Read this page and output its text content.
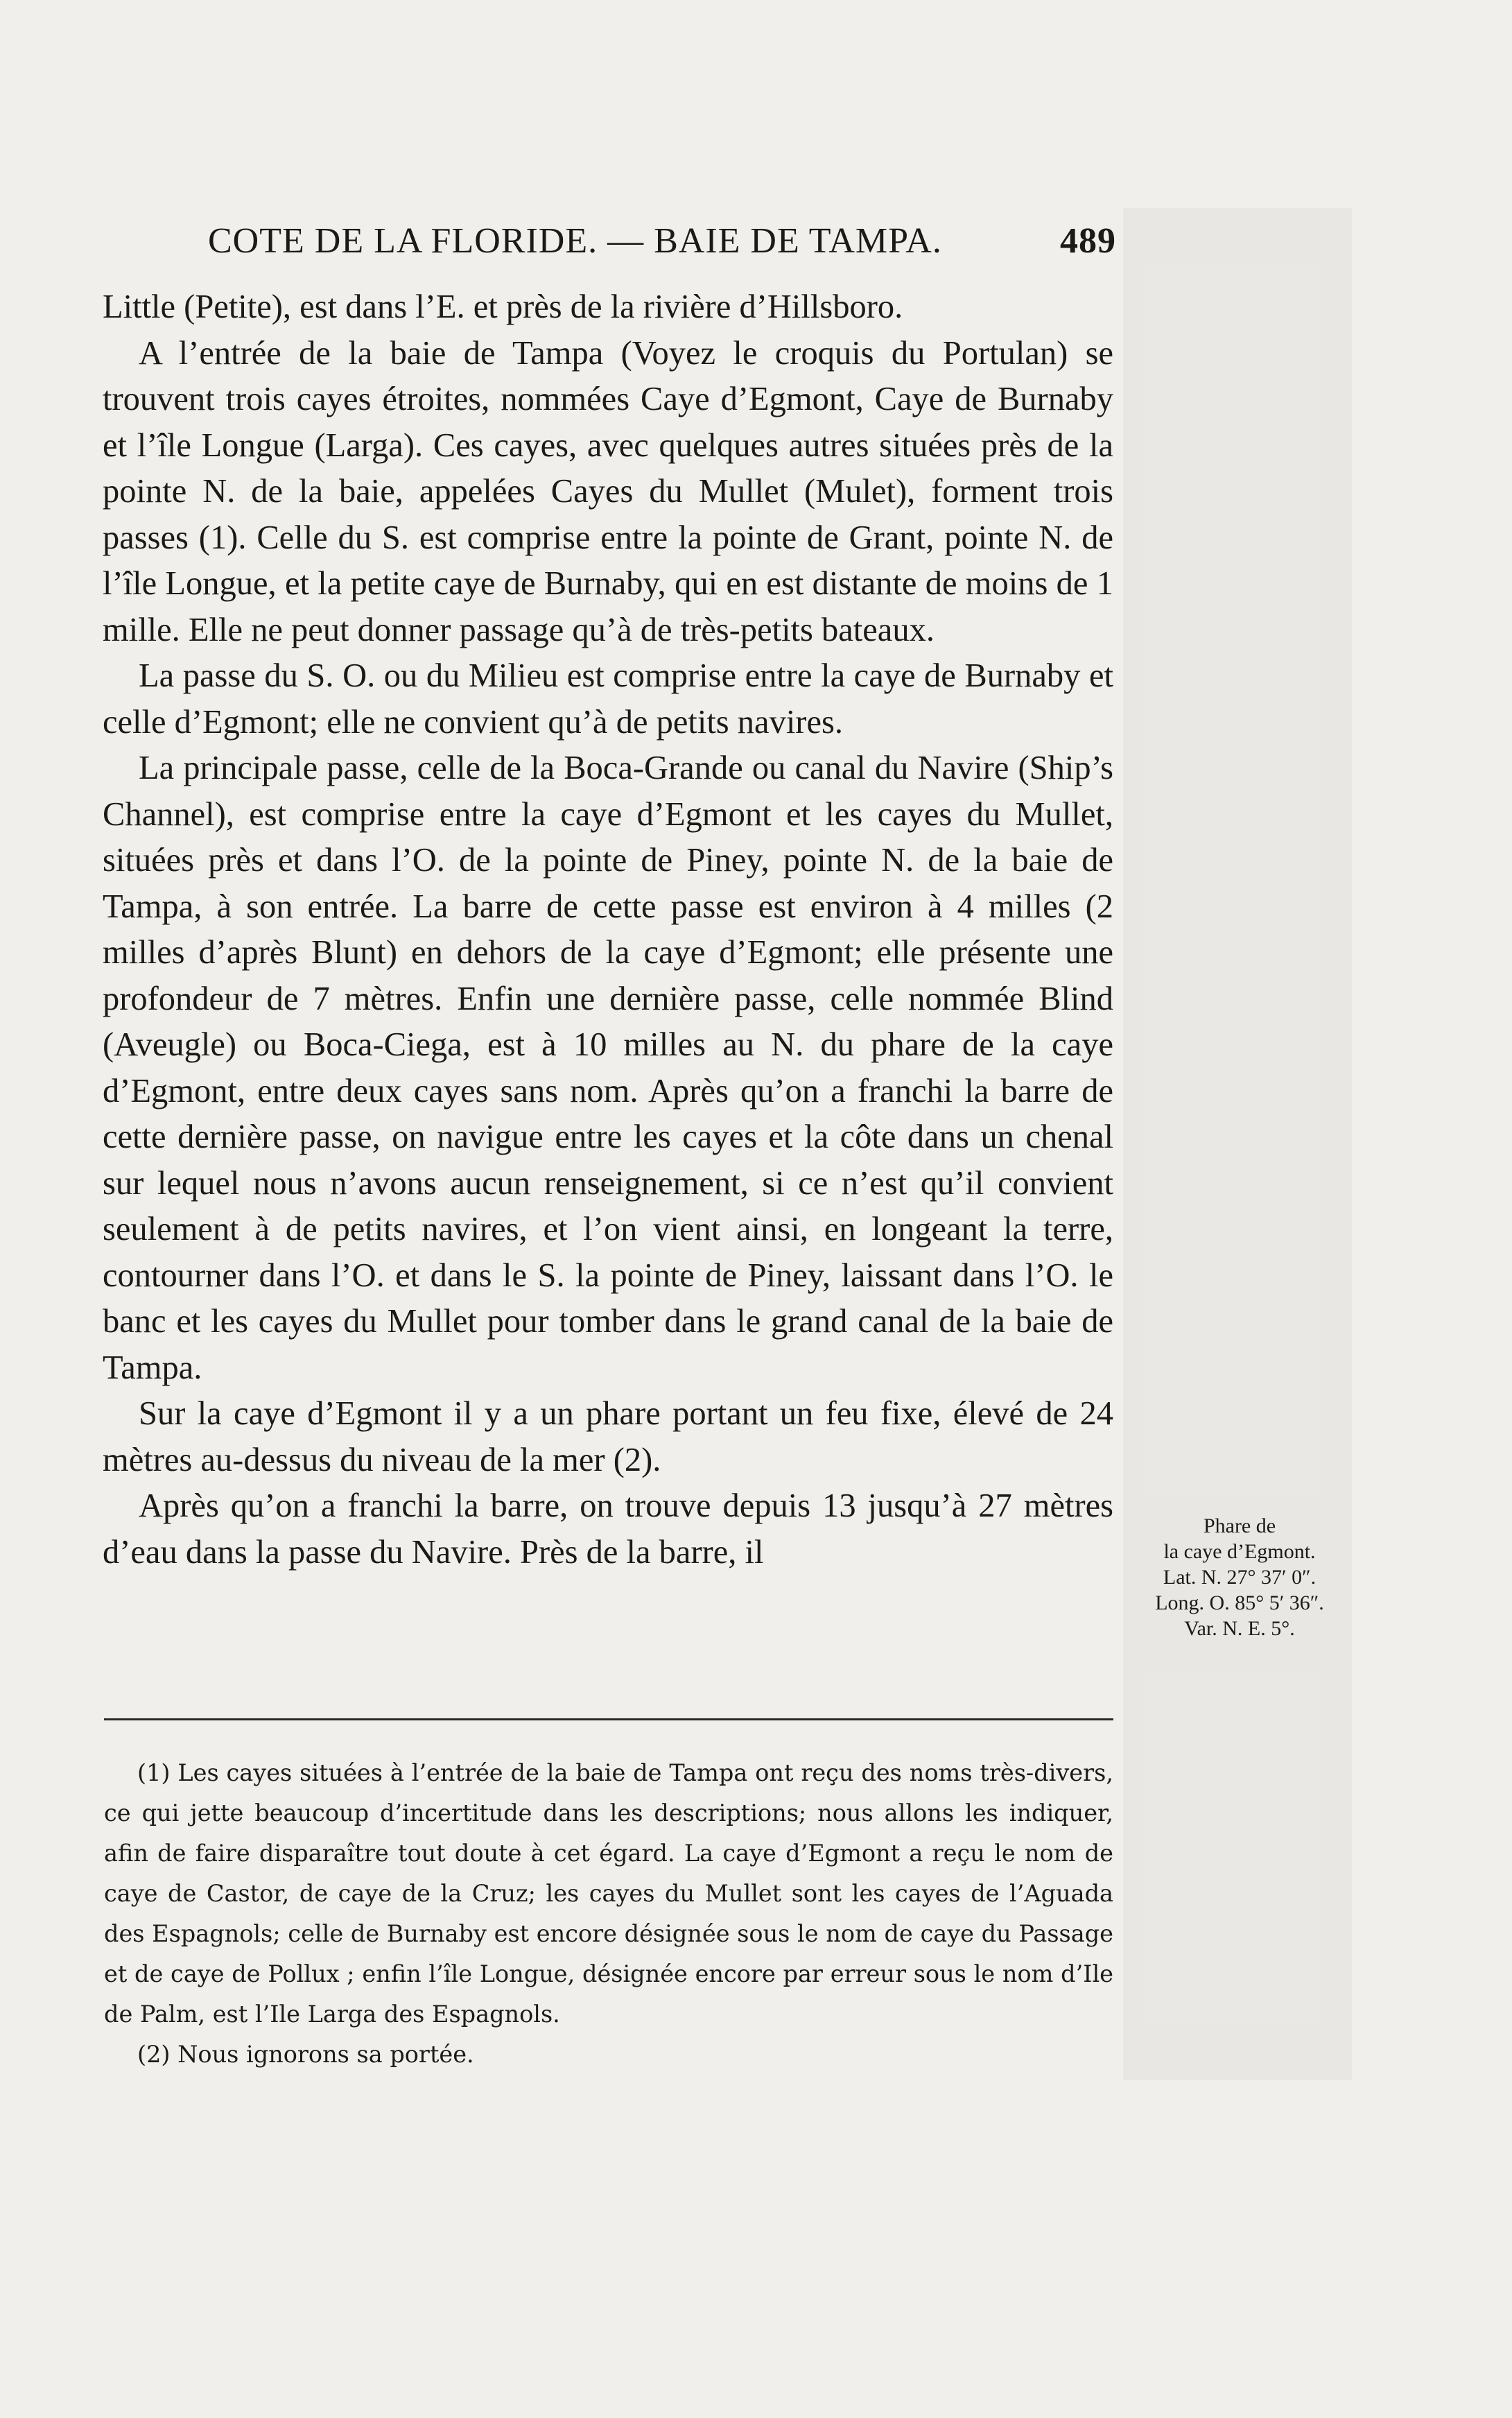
COTE DE LA FLORIDE. — BAIE DE TAMPA.	489

Little (Petite), est dans l’E. et près de la rivière d’Hillsboro.

A l’entrée de la baie de Tampa (Voyez le croquis du Portulan) se trouvent trois cayes étroites, nommées Caye d’Egmont, Caye de Burnaby et l’île Longue (Larga). Ces cayes, avec quelques autres situées près de la pointe N. de la baie, appelées Cayes du Mullet (Mulet), forment trois passes (1). Celle du S. est comprise entre la pointe de Grant, pointe N. de l’île Longue, et la petite caye de Burnaby, qui en est distante de moins de 1 mille. Elle ne peut donner passage qu’à de très-petits bateaux.

La passe du S. O. ou du Milieu est comprise entre la caye de Burnaby et celle d’Egmont; elle ne convient qu’à de petits navires.

La principale passe, celle de la Boca-Grande ou canal du Navire (Ship’s Channel), est comprise entre la caye d’Egmont et les cayes du Mullet, situées près et dans l’O. de la pointe de Piney, pointe N. de la baie de Tampa, à son entrée. La barre de cette passe est environ à 4 milles (2 milles d’après Blunt) en dehors de la caye d’Egmont; elle présente une profondeur de 7 mètres. Enfin une dernière passe, celle nommée Blind (Aveugle) ou Boca-Ciega, est à 10 milles au N. du phare de la caye d’Egmont, entre deux cayes sans nom. Après qu’on a franchi la barre de cette dernière passe, on navigue entre les cayes et la côte dans un chenal sur lequel nous n’avons aucun renseignement, si ce n’est qu’il convient seulement à de petits navires, et l’on vient ainsi, en longeant la terre, contourner dans l’O. et dans le S. la pointe de Piney, laissant dans l’O. le banc et les cayes du Mullet pour tomber dans le grand canal de la baie de Tampa.

Sur la caye d’Egmont il y a un phare portant un feu fixe, élevé de 24 mètres au-dessus du niveau de la mer (2).

Après qu’on a franchi la barre, on trouve depuis 13 jusqu’à 27 mètres d’eau dans la passe du Navire. Près de la barre, il

Phare de
la caye d’Egmont.
Lat. N. 27° 37′ 0″.
Long. O. 85° 5′ 36″.
Var. N. E. 5°.

(1) Les cayes situées à l’entrée de la baie de Tampa ont reçu des noms très-divers, ce qui jette beaucoup d’incertitude dans les descriptions; nous allons les indiquer, afin de faire disparaître tout doute à cet égard. La caye d’Egmont a reçu le nom de caye de Castor, de caye de la Cruz; les cayes du Mullet sont les cayes de l’Aguada des Espagnols; celle de Burnaby est encore désignée sous le nom de caye du Passage et de caye de Pollux ; enfin l’île Longue, désignée encore par erreur sous le nom d’Ile de Palm, est l’Ile Larga des Espagnols.

(2) Nous ignorons sa portée.
